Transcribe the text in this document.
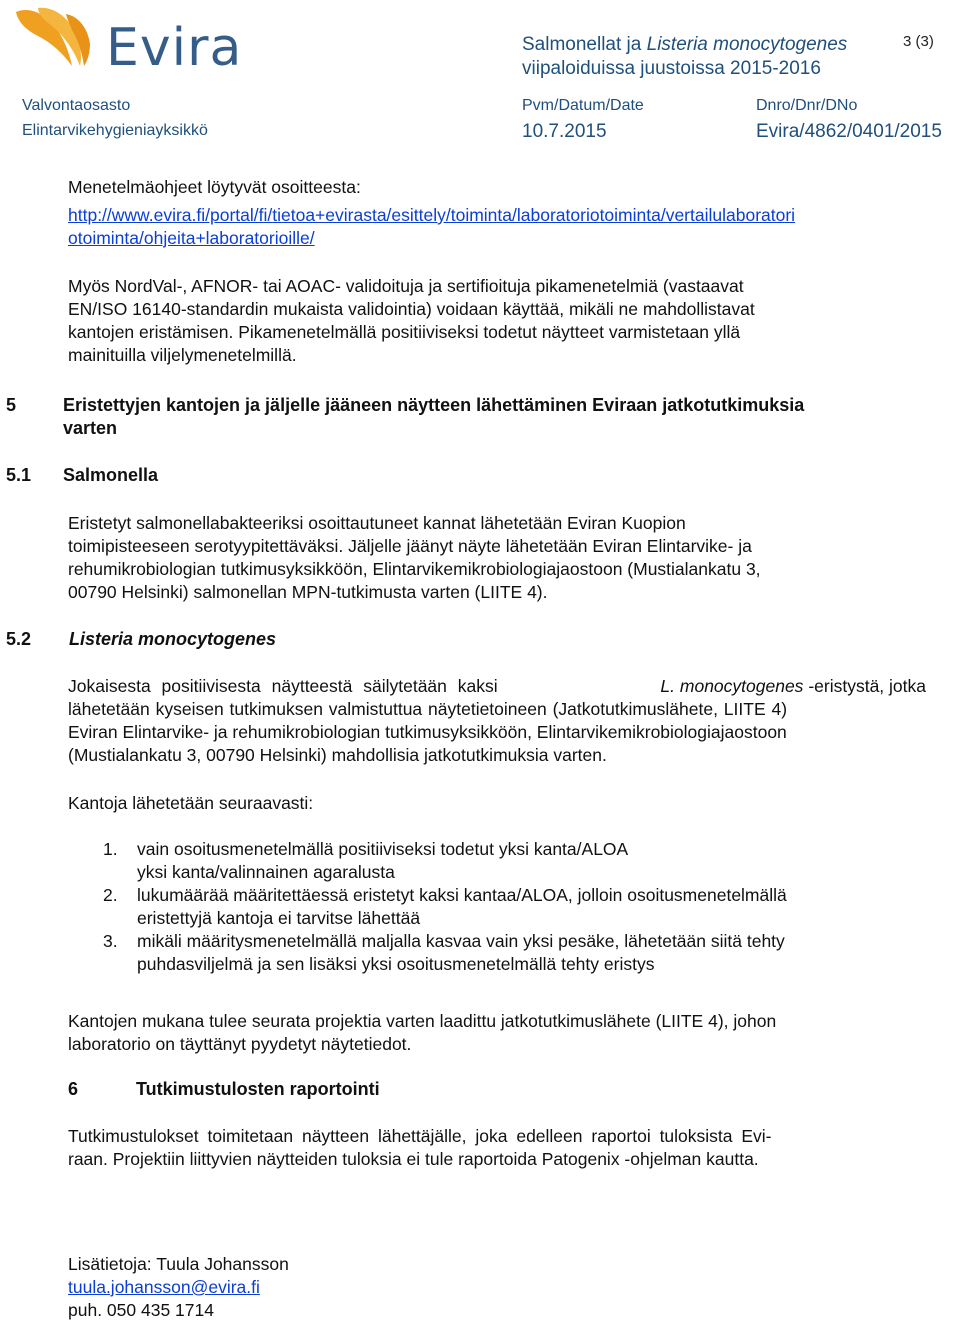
Evira	Salmonellat ja Listeria monocytogenes
viipaloiduissa juustoissa 2015-2016
3 (3)
Valvontaosasto
Elintarvikehygieniayksikkö
Pvm/Datum/Date
10.7.2015
Dnro/Dnr/DNo
Evira/4862/0401/2015

Menetelmäohjeet löytyvät osoitteesta:

http://www.evira.fi/portal/fi/tietoa+evirasta/esittely/toiminta/laboratoriotoiminta/vertailulaboratori
otoiminta/ohjeita+laboratorioille/

Myös NordVal-, AFNOR- tai AOAC- validoituja ja sertifioituja pikamenetelmiä (vastaavat

EN/ISO 16140-standardin mukaista validointia) voidaan käyttää, mikäli ne mahdollistavat

kantojen eristämisen. Pikamenetelmällä positiiviseksi todetut näytteet varmistetaan yllä

mainituilla viljelymenetelmillä.

5	Eristettyjen kantojen ja jäljelle jääneen näytteen lähettäminen Eviraan jatkotutkimuksia
varten
5.1 Salmonella

Eristetyt salmonellabakteeriksi osoittautuneet kannat lähetetään Eviran Kuopion

toimipisteeseen serotyypitettäväksi. Jäljelle jäänyt näyte lähetetään Eviran Elintarvike- ja

rehumikrobiologian tutkimusyksikköön, Elintarvikemikrobiologiajaostoon (Mustialankatu 3,

00790 Helsinki) salmonellan MPN-tutkimusta varten (LIITE 4).

5.2 Listeria monocytogenes

Jokaisesta positiivisesta näytteestä säilytetään kaksi	L. monocytogenes -eristystä, jotka

lähetetään kyseisen tutkimuksen valmistuttua näytetietoineen (Jatkotutkimuslähete, LIITE 4)

Eviran Elintarvike- ja rehumikrobiologian tutkimusyksikköön, Elintarvikemikrobiologiajaostoon

(Mustialankatu 3, 00790 Helsinki) mahdollisia jatkotutkimuksia varten.

Kantoja lähetetään seuraavasti:

1.	vain osoitusmenetelmällä positiiviseksi todetut yksi kanta/ALOA
yksi kanta/valinnainen agaralusta
2.	lukumäärää määritettäessä eristetyt kaksi kantaa/ALOA, jolloin osoitusmenetelmällä
eristettyjä kantoja ei tarvitse lähettää
3.	mikäli määritysmenetelmällä maljalla kasvaa vain yksi pesäke, lähetetään siitä tehty
puhdasviljelmä ja sen lisäksi yksi osoitusmenetelmällä tehty eristys

Kantojen mukana tulee seurata projektia varten laadittu jatkotutkimuslähete (LIITE 4), johon

laboratorio on täyttänyt pyydetyt näytetiedot.

6	Tutkimustulosten raportointi

Tutkimustulokset toimitetaan näytteen lähettäjälle, joka edelleen raportoi tuloksista Evi-

raan. Projektiin liittyvien näytteiden tuloksia ei tule raportoida Patogenix -ohjelman kautta.

Lisätietoja: Tuula Johansson

tuula.johansson@evira.fi

puh. 050 435 1714
